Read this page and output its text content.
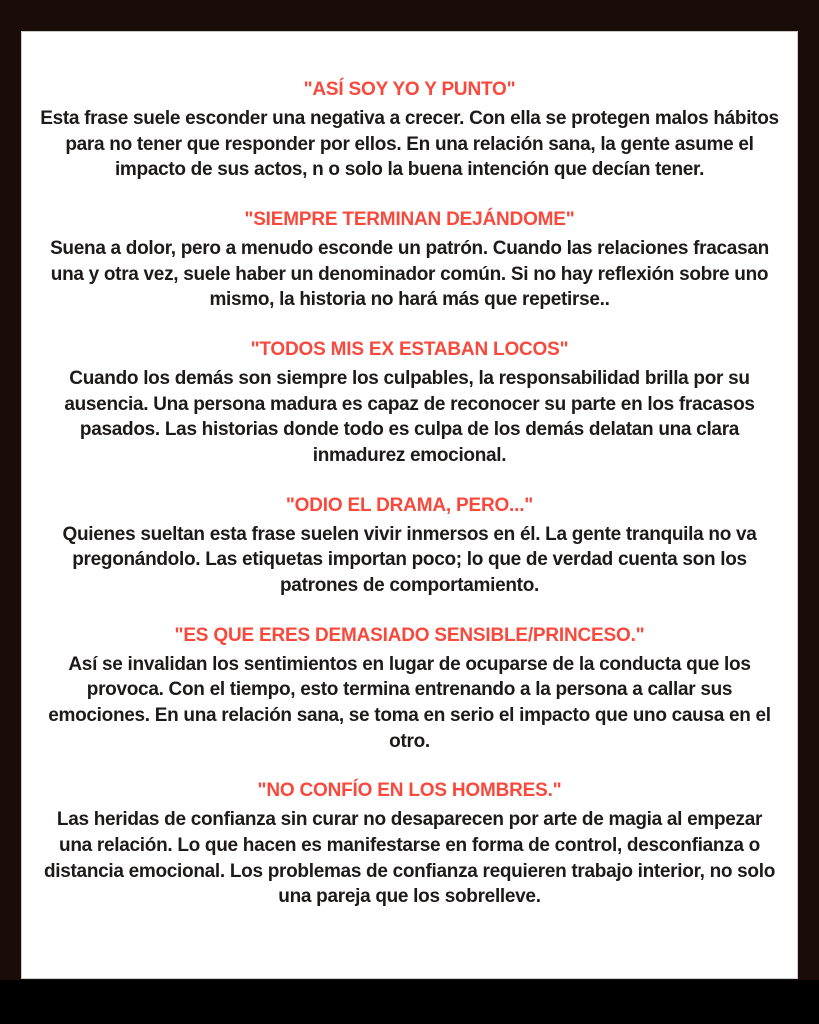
"ASÍ SOY YO Y PUNTO"
Esta frase suele esconder una negativa a crecer. Con ella se protegen malos hábitos para no tener que responder por ellos. En una relación sana, la gente asume el impacto de sus actos, n o solo la buena intención que decían tener.
"SIEMPRE TERMINAN DEJÁNDOME"
Suena a dolor, pero a menudo esconde un patrón. Cuando las relaciones fracasan una y otra vez, suele haber un denominador común. Si no hay reflexión sobre uno mismo, la historia no hará más que repetirse..
"TODOS MIS EX ESTABAN LOCOS"
Cuando los demás son siempre los culpables, la responsabilidad brilla por su ausencia. Una persona madura es capaz de reconocer su parte en los fracasos pasados. Las historias donde todo es culpa de los demás delatan una clara inmadurez emocional.
"ODIO EL DRAMA, PERO..."
Quienes sueltan esta frase suelen vivir inmersos en él. La gente tranquila no va pregonándolo. Las etiquetas importan poco; lo que de verdad cuenta son los patrones de comportamiento.
"ES QUE ERES DEMASIADO SENSIBLE/PRINCESO."
Así se invalidan los sentimientos en lugar de ocuparse de la conducta que los provoca. Con el tiempo, esto termina entrenando a la persona a callar sus emociones. En una relación sana, se toma en serio el impacto que uno causa en el otro.
"NO CONFÍO EN LOS HOMBRES."
Las heridas de confianza sin curar no desaparecen por arte de magia al empezar una relación. Lo que hacen es manifestarse en forma de control, desconfianza o distancia emocional. Los problemas de confianza requieren trabajo interior, no solo una pareja que los sobrelleve.
